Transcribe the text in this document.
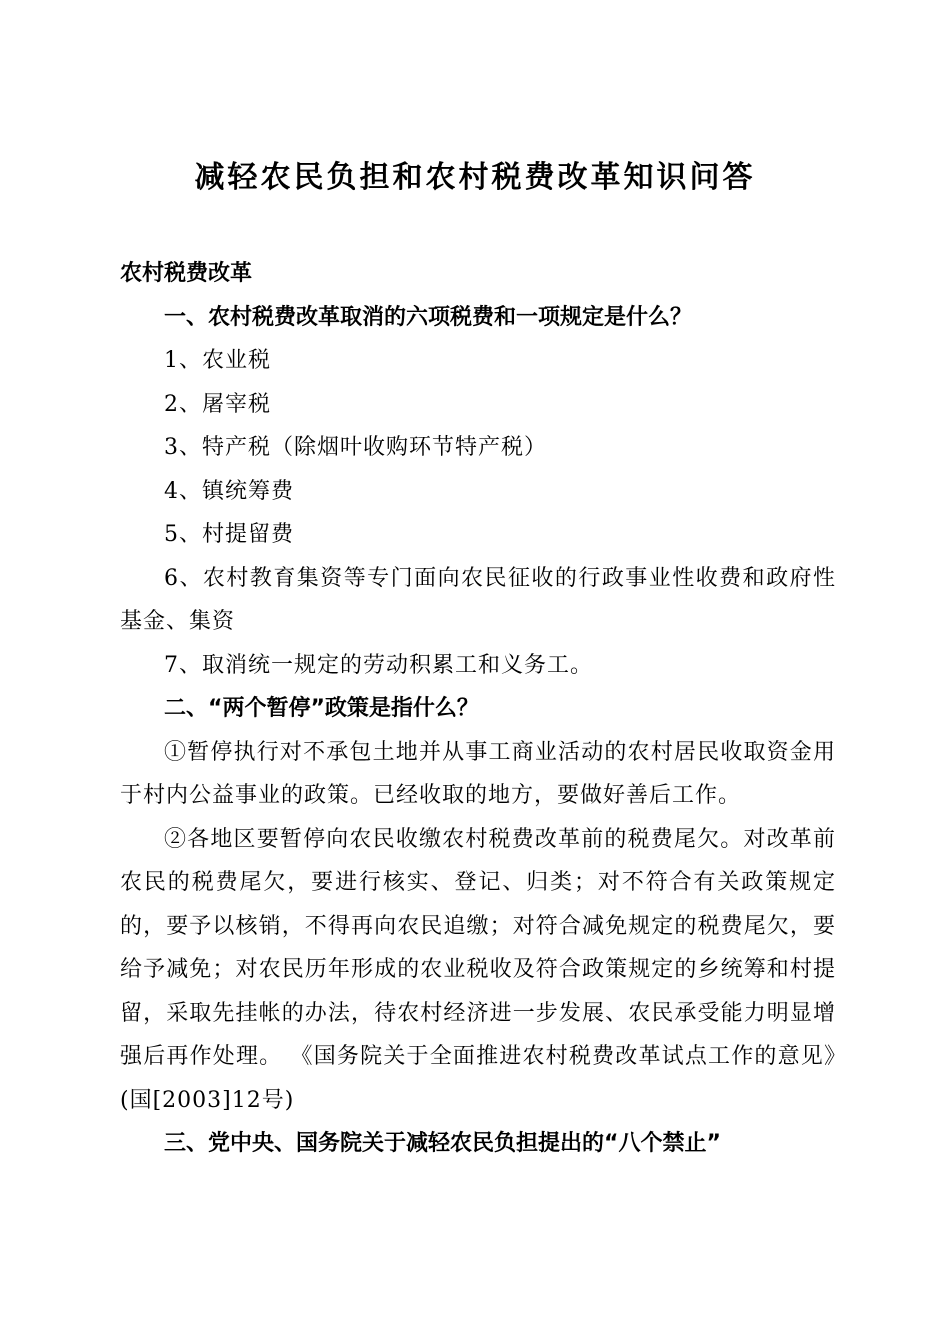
减轻农民负担和农村税费改革知识问答

农村税费改革

一、农村税费改革取消的六项税费和一项规定是什么？

1、农业税

2、屠宰税

3、特产税（除烟叶收购环节特产税）

4、镇统筹费

5、村提留费

6、农村教育集资等专门面向农民征收的行政事业性收费和政府性基金、集资

7、取消统一规定的劳动积累工和义务工。

二、“两个暂停”政策是指什么？

①暂停执行对不承包土地并从事工商业活动的农村居民收取资金用于村内公益事业的政策。已经收取的地方，要做好善后工作。

②各地区要暂停向农民收缴农村税费改革前的税费尾欠。对改革前农民的税费尾欠，要进行核实、登记、归类；对不符合有关政策规定的，要予以核销，不得再向农民追缴；对符合减免规定的税费尾欠，要给予减免；对农民历年形成的农业税收及符合政策规定的乡统筹和村提留，采取先挂帐的办法，待农村经济进一步发展、农民承受能力明显增强后再作处理。 《国务院关于全面推进农村税费改革试点工作的意见》(国[2003]12号)

三、党中央、国务院关于减轻农民负担提出的“八个禁止”
